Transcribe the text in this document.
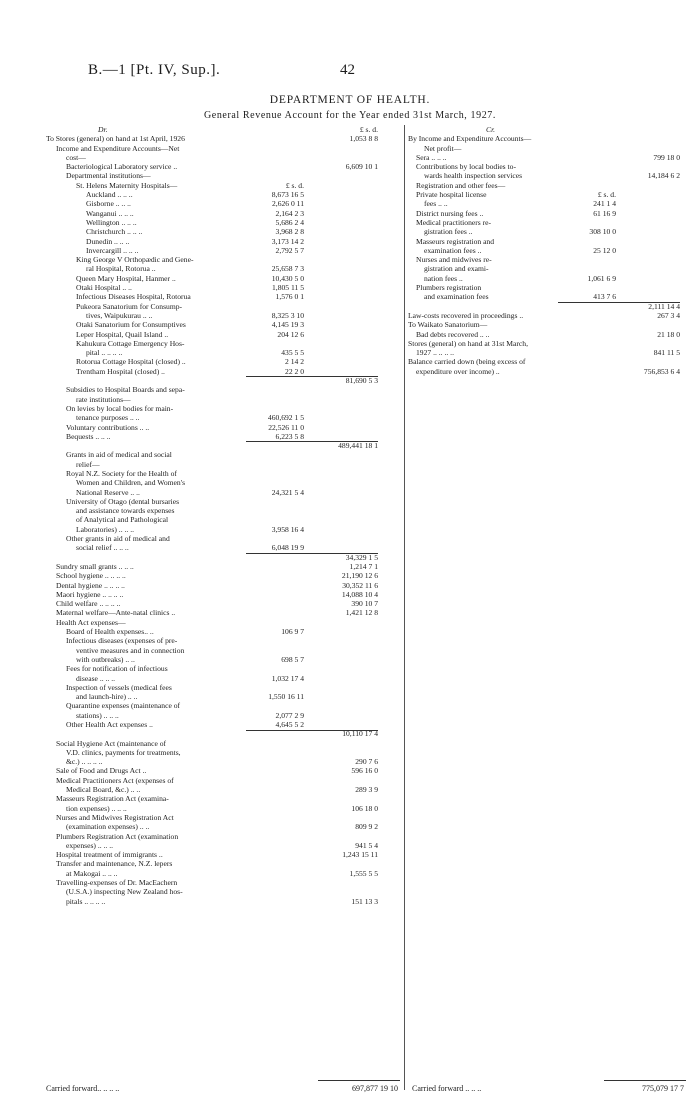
B.—1 [Pt. IV, Sup.].	42
DEPARTMENT OF HEALTH.
General Revenue Account for the Year ended 31st March, 1927.
Dr.	£ s. d.
To Stores (general) on hand at 1st April, 1926	1,053 8 8
Income and Expenditure Accounts—Net
cost—
Bacteriological Laboratory service ..	6,609 10 1
Departmental institutions—
St. Helens Maternity Hospitals—	£ s. d.
Auckland .. .. ..	8,673 16 5
Gisborne .. .. ..	2,626 0 11
Wanganui .. .. ..	2,164 2 3
Wellington .. .. ..	5,686 2 4
Christchurch .. .. ..	3,968 2 8
Dunedin .. .. ..	3,173 14 2
Invercargill .. .. ..	2,792 5 7
King George V Orthopædic and Gene-
ral Hospital, Rotorua ..	25,658 7 3
Queen Mary Hospital, Hanmer ..	10,430 5 0
Otaki Hospital .. ..	1,805 11 5
Infectious Diseases Hospital, Rotorua	1,576 0 1
Pukeora Sanatorium for Consump-
tives, Waipukurau .. ..	8,325 3 10
Otaki Sanatorium for Consumptives	4,145 19 3
Leper Hospital, Quail Island ..	204 12 6
Kahukura Cottage Emergency Hos-
pital .. .. .. ..	435 5 5
Rotorua Cottage Hospital (closed) ..	2 14 2
Trentham Hospital (closed) ..	22 2 0
81,690 5 3
Subsidies to Hospital Boards and sepa-
rate institutions—
On levies by local bodies for main-
tenance purposes .. ..	460,692 1 5
Voluntary contributions .. ..	22,526 11 0
Bequests .. .. ..	6,223 5 8
489,441 18 1
Grants in aid of medical and social
relief—
Royal N.Z. Society for the Health of
Women and Children, and Women's
National Reserve .. ..	24,321 5 4
University of Otago (dental bursaries
and assistance towards expenses
of Analytical and Pathological
Laboratories) .. .. ..	3,958 16 4
Other grants in aid of medical and
social relief .. .. ..	6,048 19 9
34,329 1 5
Sundry small grants .. .. ..	1,214 7 1
School hygiene .. .. .. ..	21,190 12 6
Dental hygiene .. .. .. ..	30,352 11 6
Maori hygiene .. .. .. ..	14,088 10 4
Child welfare .. .. .. ..	390 10 7
Maternal welfare—Ante-natal clinics ..	1,421 12 8
Health Act expenses—
Board of Health expenses.. ..	106 9 7
Infectious diseases (expenses of pre-
ventive measures and in connection
with outbreaks) .. ..	698 5 7
Fees for notification of infectious
disease .. .. ..	1,032 17 4
Inspection of vessels (medical fees
and launch-hire) .. ..	1,550 16 11
Quarantine expenses (maintenance of
stations) .. .. ..	2,077 2 9
Other Health Act expenses ..	4,645 5 2
10,110 17 4
Social Hygiene Act (maintenance of
V.D. clinics, payments for treatments,
&c.) .. .. .. ..	290 7 6
Sale of Food and Drugs Act ..	596 16 0
Medical Practitioners Act (expenses of
Medical Board, &c.) .. ..	289 3 9
Masseurs Registration Act (examina-
tion expenses) .. .. ..	106 18 0
Nurses and Midwives Registration Act
(examination expenses) .. ..	809 9 2
Plumbers Registration Act (examination
expenses) .. .. ..	941 5 4
Hospital treatment of immigrants ..	1,243 15 11
Transfer and maintenance, N.Z. lepers
at Makogai .. .. ..	1,555 5 5
Travelling-expenses of Dr. MacEachern
(U.S.A.) inspecting New Zealand hos-
pitals .. .. .. ..	151 13 3
Cr.
By Income and Expenditure Accounts—
Net profit—
Sera .. .. ..	799 18 0
Contributions by local bodies to-
wards health inspection services	14,184 6 2
Registration and other fees—
Private hospital license	£ s. d.
fees .. ..	241 1 4
District nursing fees ..	61 16 9
Medical practitioners re-
gistration fees ..	308 10 0
Masseurs registration and
examination fees ..	25 12 0
Nurses and midwives re-
gistration and exami-
nation fees ..	1,061 6 9
Plumbers registration
and examination fees	413 7 6
2,111 14 4
Law-costs recovered in proceedings ..	267 3 4
To Waikato Sanatorium—
Bad debts recovered .. ..	21 18 0
Stores (general) on hand at 31st March,
1927 .. .. .. ..	841 11 5
Balance carried down (being excess of
expenditure over income) ..	756,853 6 4
Carried forward.. .. .. ..	697,877 19 10 Carried forward .. .. ..	775,079 17 7
